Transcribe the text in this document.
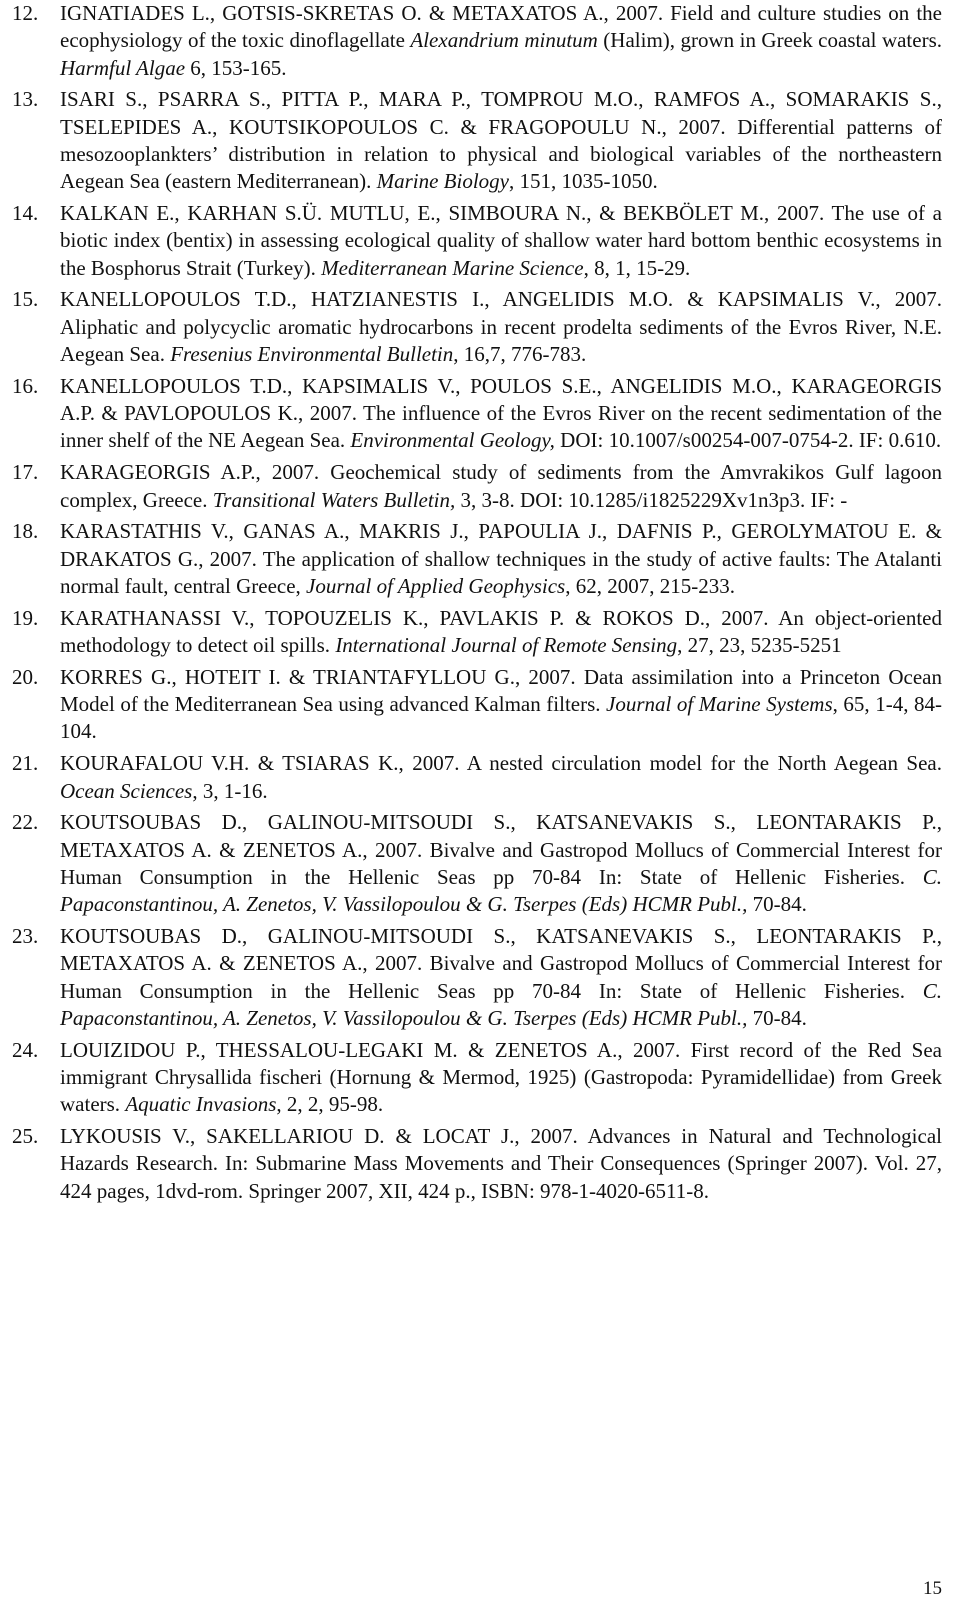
12. IGNATIADES L., GOTSIS-SKRETAS O. & METAXATOS A., 2007. Field and culture studies on the ecophysiology of the toxic dinoflagellate Alexandrium minutum (Halim), grown in Greek coastal waters. Harmful Algae 6, 153-165.
13. ISARI S., PSARRA S., PITTA P., MARA P., TOMPROU M.O., RAMFOS A., SOMARAKIS S., TSELEPIDES A., KOUTSIKOPOULOS C. & FRAGOPOULU N., 2007. Differential patterns of mesozooplankters’ distribution in relation to physical and biological variables of the northeastern Aegean Sea (eastern Mediterranean). Marine Biology, 151, 1035-1050.
14. KALKAN E., KARHAN S.Ü. MUTLU, E., SIMBOURA N., & BEKBÖLET M., 2007. The use of a biotic index (bentix) in assessing ecological quality of shallow water hard bottom benthic ecosystems in the Bosphorus Strait (Turkey). Mediterranean Marine Science, 8, 1, 15-29.
15. KANELLOPOULOS T.D., HATZIANESTIS I., ANGELIDIS M.O. & KAPSIMALIS V., 2007. Aliphatic and polycyclic aromatic hydrocarbons in recent prodelta sediments of the Evros River, N.E. Aegean Sea. Fresenius Environmental Bulletin, 16,7, 776-783.
16. KANELLOPOULOS T.D., KAPSIMALIS V., POULOS S.E., ANGELIDIS M.O., KARAGEORGIS A.P. & PAVLOPOULOS K., 2007. The influence of the Evros River on the recent sedimentation of the inner shelf of the NE Aegean Sea. Environmental Geology, DOI: 10.1007/s00254-007-0754-2. IF: 0.610.
17. KARAGEORGIS A.P., 2007. Geochemical study of sediments from the Amvrakikos Gulf lagoon complex, Greece. Transitional Waters Bulletin, 3, 3-8. DOI: 10.1285/i1825229Xv1n3p3. IF: -
18. KARASTATHIS V., GANAS A., MAKRIS J., PAPOULIA J., DAFNIS P., GEROLYMATOU E. & DRAKATOS G., 2007. The application of shallow techniques in the study of active faults: The Atalanti normal fault, central Greece, Journal of Applied Geophysics, 62, 2007, 215-233.
19. KARATHANASSI V., TOPOUZELIS K., PAVLAKIS P. & ROKOS D., 2007. An object-oriented methodology to detect oil spills. International Journal of Remote Sensing, 27, 23, 5235-5251
20. KORRES G., HOTEIT I. & TRIANTAFYLLOU G., 2007. Data assimilation into a Princeton Ocean Model of the Mediterranean Sea using advanced Kalman filters. Journal of Marine Systems, 65, 1-4, 84-104.
21. KOURAFALOU V.H. & TSIARAS K., 2007. A nested circulation model for the North Aegean Sea. Ocean Sciences, 3, 1-16.
22. KOUTSOUBAS D., GALINOU-MITSOUDI S., KATSANEVAKIS S., LEONTARAKIS P., METAXATOS A. & ZENETOS A., 2007. Bivalve and Gastropod Mollucs of Commercial Interest for Human Consumption in the Hellenic Seas pp 70-84 In: State of Hellenic Fisheries. C. Papaconstantinou, A. Zenetos, V. Vassilopoulou & G. Tserpes (Eds) HCMR Publ., 70-84.
23. KOUTSOUBAS D., GALINOU-MITSOUDI S., KATSANEVAKIS S., LEONTARAKIS P., METAXATOS A. & ZENETOS A., 2007. Bivalve and Gastropod Mollucs of Commercial Interest for Human Consumption in the Hellenic Seas pp 70-84 In: State of Hellenic Fisheries. C. Papaconstantinou, A. Zenetos, V. Vassilopoulou & G. Tserpes (Eds) HCMR Publ., 70-84.
24. LOUIZIDOU P., THESSALOU-LEGAKI M. & ZENETOS A., 2007. First record of the Red Sea immigrant Chrysallida fischeri (Hornung & Mermod, 1925) (Gastropoda: Pyramidellidae) from Greek waters. Aquatic Invasions, 2, 2, 95-98.
25. LYKOUSIS V., SAKELLARIOU D. & LOCAT J., 2007. Advances in Natural and Technological Hazards Research. In: Submarine Mass Movements and Their Consequences (Springer 2007). Vol. 27, 424 pages, 1dvd-rom. Springer 2007, XII, 424 p., ISBN: 978-1-4020-6511-8.
15
